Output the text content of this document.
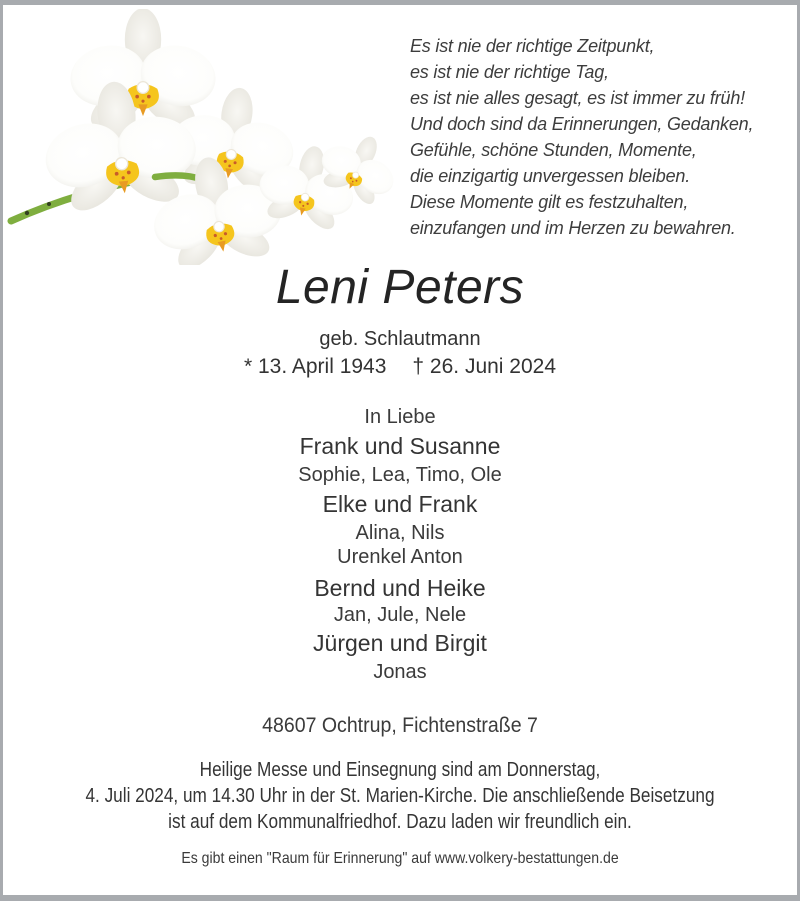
Es ist nie der richtige Zeitpunkt,
es ist nie der richtige Tag,
es ist nie alles gesagt, es ist immer zu früh!
Und doch sind da Erinnerungen, Gedanken,
Gefühle, schöne Stunden, Momente,
die einzigartig unvergessen bleiben.
Diese Momente gilt es festzuhalten,
einzufangen und im Herzen zu bewahren.
Leni Peters
geb. Schlautmann
* 13. April 1943 † 26. Juni 2024
In Liebe
Frank und Susanne
Sophie, Lea, Timo, Ole
Elke und Frank
Alina, Nils
Urenkel Anton
Bernd und Heike
Jan, Jule, Nele
Jürgen und Birgit
Jonas
48607 Ochtrup, Fichtenstraße 7
Heilige Messe und Einsegnung sind am Donnerstag,
4. Juli 2024, um 14.30 Uhr in der St. Marien-Kirche. Die anschließende Beisetzung
ist auf dem Kommunalfriedhof. Dazu laden wir freundlich ein.
Es gibt einen "Raum für Erinnerung" auf www.volkery-bestattungen.de
